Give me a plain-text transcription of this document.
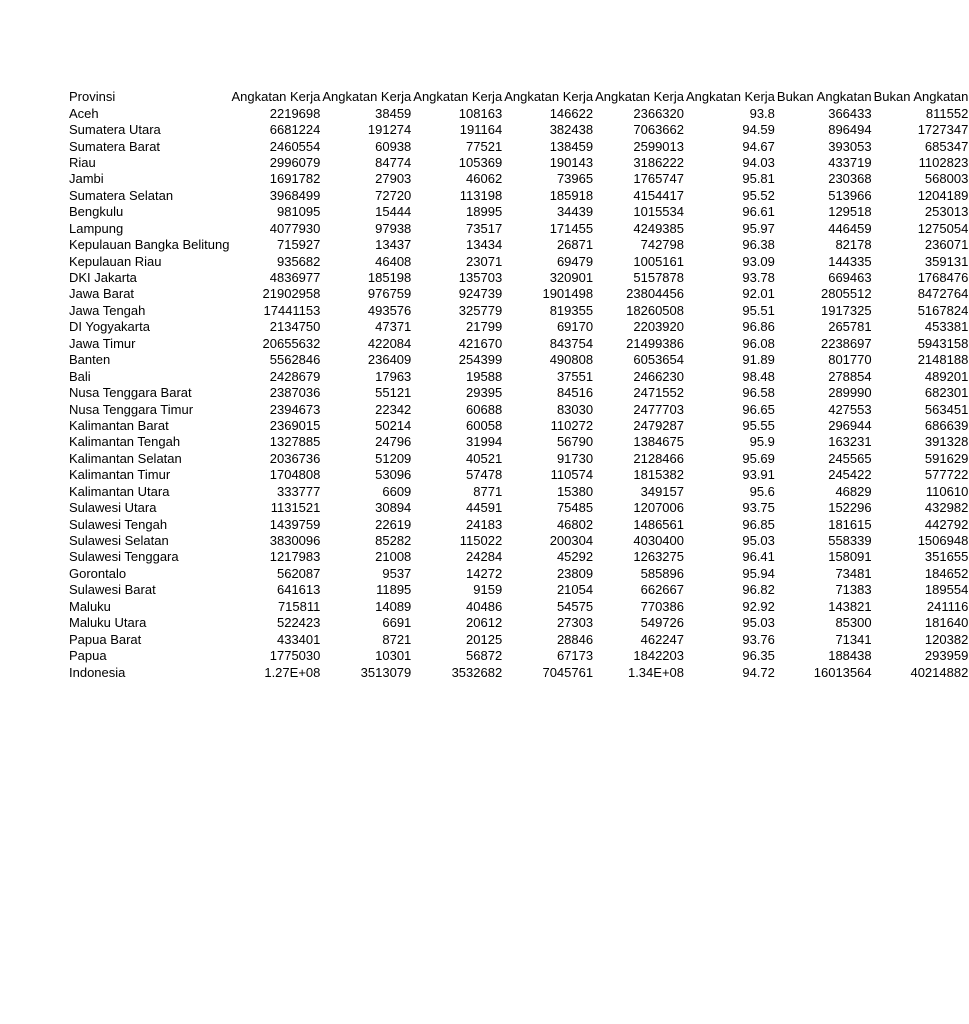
Provinsi	Angkatan Kerja	Angkatan Kerja	Angkatan Kerja	Angkatan Kerja	Angkatan Kerja	Angkatan Kerja	Bukan Angkatan	Bukan Angkatan
Aceh	2219698	38459	108163	146622	2366320	93.8	366433	811552
Sumatera Utara	6681224	191274	191164	382438	7063662	94.59	896494	1727347
Sumatera Barat	2460554	60938	77521	138459	2599013	94.67	393053	685347
Riau	2996079	84774	105369	190143	3186222	94.03	433719	1102823
Jambi	1691782	27903	46062	73965	1765747	95.81	230368	568003
Sumatera Selatan	3968499	72720	113198	185918	4154417	95.52	513966	1204189
Bengkulu	981095	15444	18995	34439	1015534	96.61	129518	253013
Lampung	4077930	97938	73517	171455	4249385	95.97	446459	1275054
Kepulauan Bangka Belitung	715927	13437	13434	26871	742798	96.38	82178	236071
Kepulauan Riau	935682	46408	23071	69479	1005161	93.09	144335	359131
DKI Jakarta	4836977	185198	135703	320901	5157878	93.78	669463	1768476
Jawa Barat	21902958	976759	924739	1901498	23804456	92.01	2805512	8472764
Jawa Tengah	17441153	493576	325779	819355	18260508	95.51	1917325	5167824
DI Yogyakarta	2134750	47371	21799	69170	2203920	96.86	265781	453381
Jawa Timur	20655632	422084	421670	843754	21499386	96.08	2238697	5943158
Banten	5562846	236409	254399	490808	6053654	91.89	801770	2148188
Bali	2428679	17963	19588	37551	2466230	98.48	278854	489201
Nusa Tenggara Barat	2387036	55121	29395	84516	2471552	96.58	289990	682301
Nusa Tenggara Timur	2394673	22342	60688	83030	2477703	96.65	427553	563451
Kalimantan Barat	2369015	50214	60058	110272	2479287	95.55	296944	686639
Kalimantan Tengah	1327885	24796	31994	56790	1384675	95.9	163231	391328
Kalimantan Selatan	2036736	51209	40521	91730	2128466	95.69	245565	591629
Kalimantan Timur	1704808	53096	57478	110574	1815382	93.91	245422	577722
Kalimantan Utara	333777	6609	8771	15380	349157	95.6	46829	110610
Sulawesi Utara	1131521	30894	44591	75485	1207006	93.75	152296	432982
Sulawesi Tengah	1439759	22619	24183	46802	1486561	96.85	181615	442792
Sulawesi Selatan	3830096	85282	115022	200304	4030400	95.03	558339	1506948
Sulawesi Tenggara	1217983	21008	24284	45292	1263275	96.41	158091	351655
Gorontalo	562087	9537	14272	23809	585896	95.94	73481	184652
Sulawesi Barat	641613	11895	9159	21054	662667	96.82	71383	189554
Maluku	715811	14089	40486	54575	770386	92.92	143821	241116
Maluku Utara	522423	6691	20612	27303	549726	95.03	85300	181640
Papua Barat	433401	8721	20125	28846	462247	93.76	71341	120382
Papua	1775030	10301	56872	67173	1842203	96.35	188438	293959
Indonesia	1.27E+08	3513079	3532682	7045761	1.34E+08	94.72	16013564	40214882
